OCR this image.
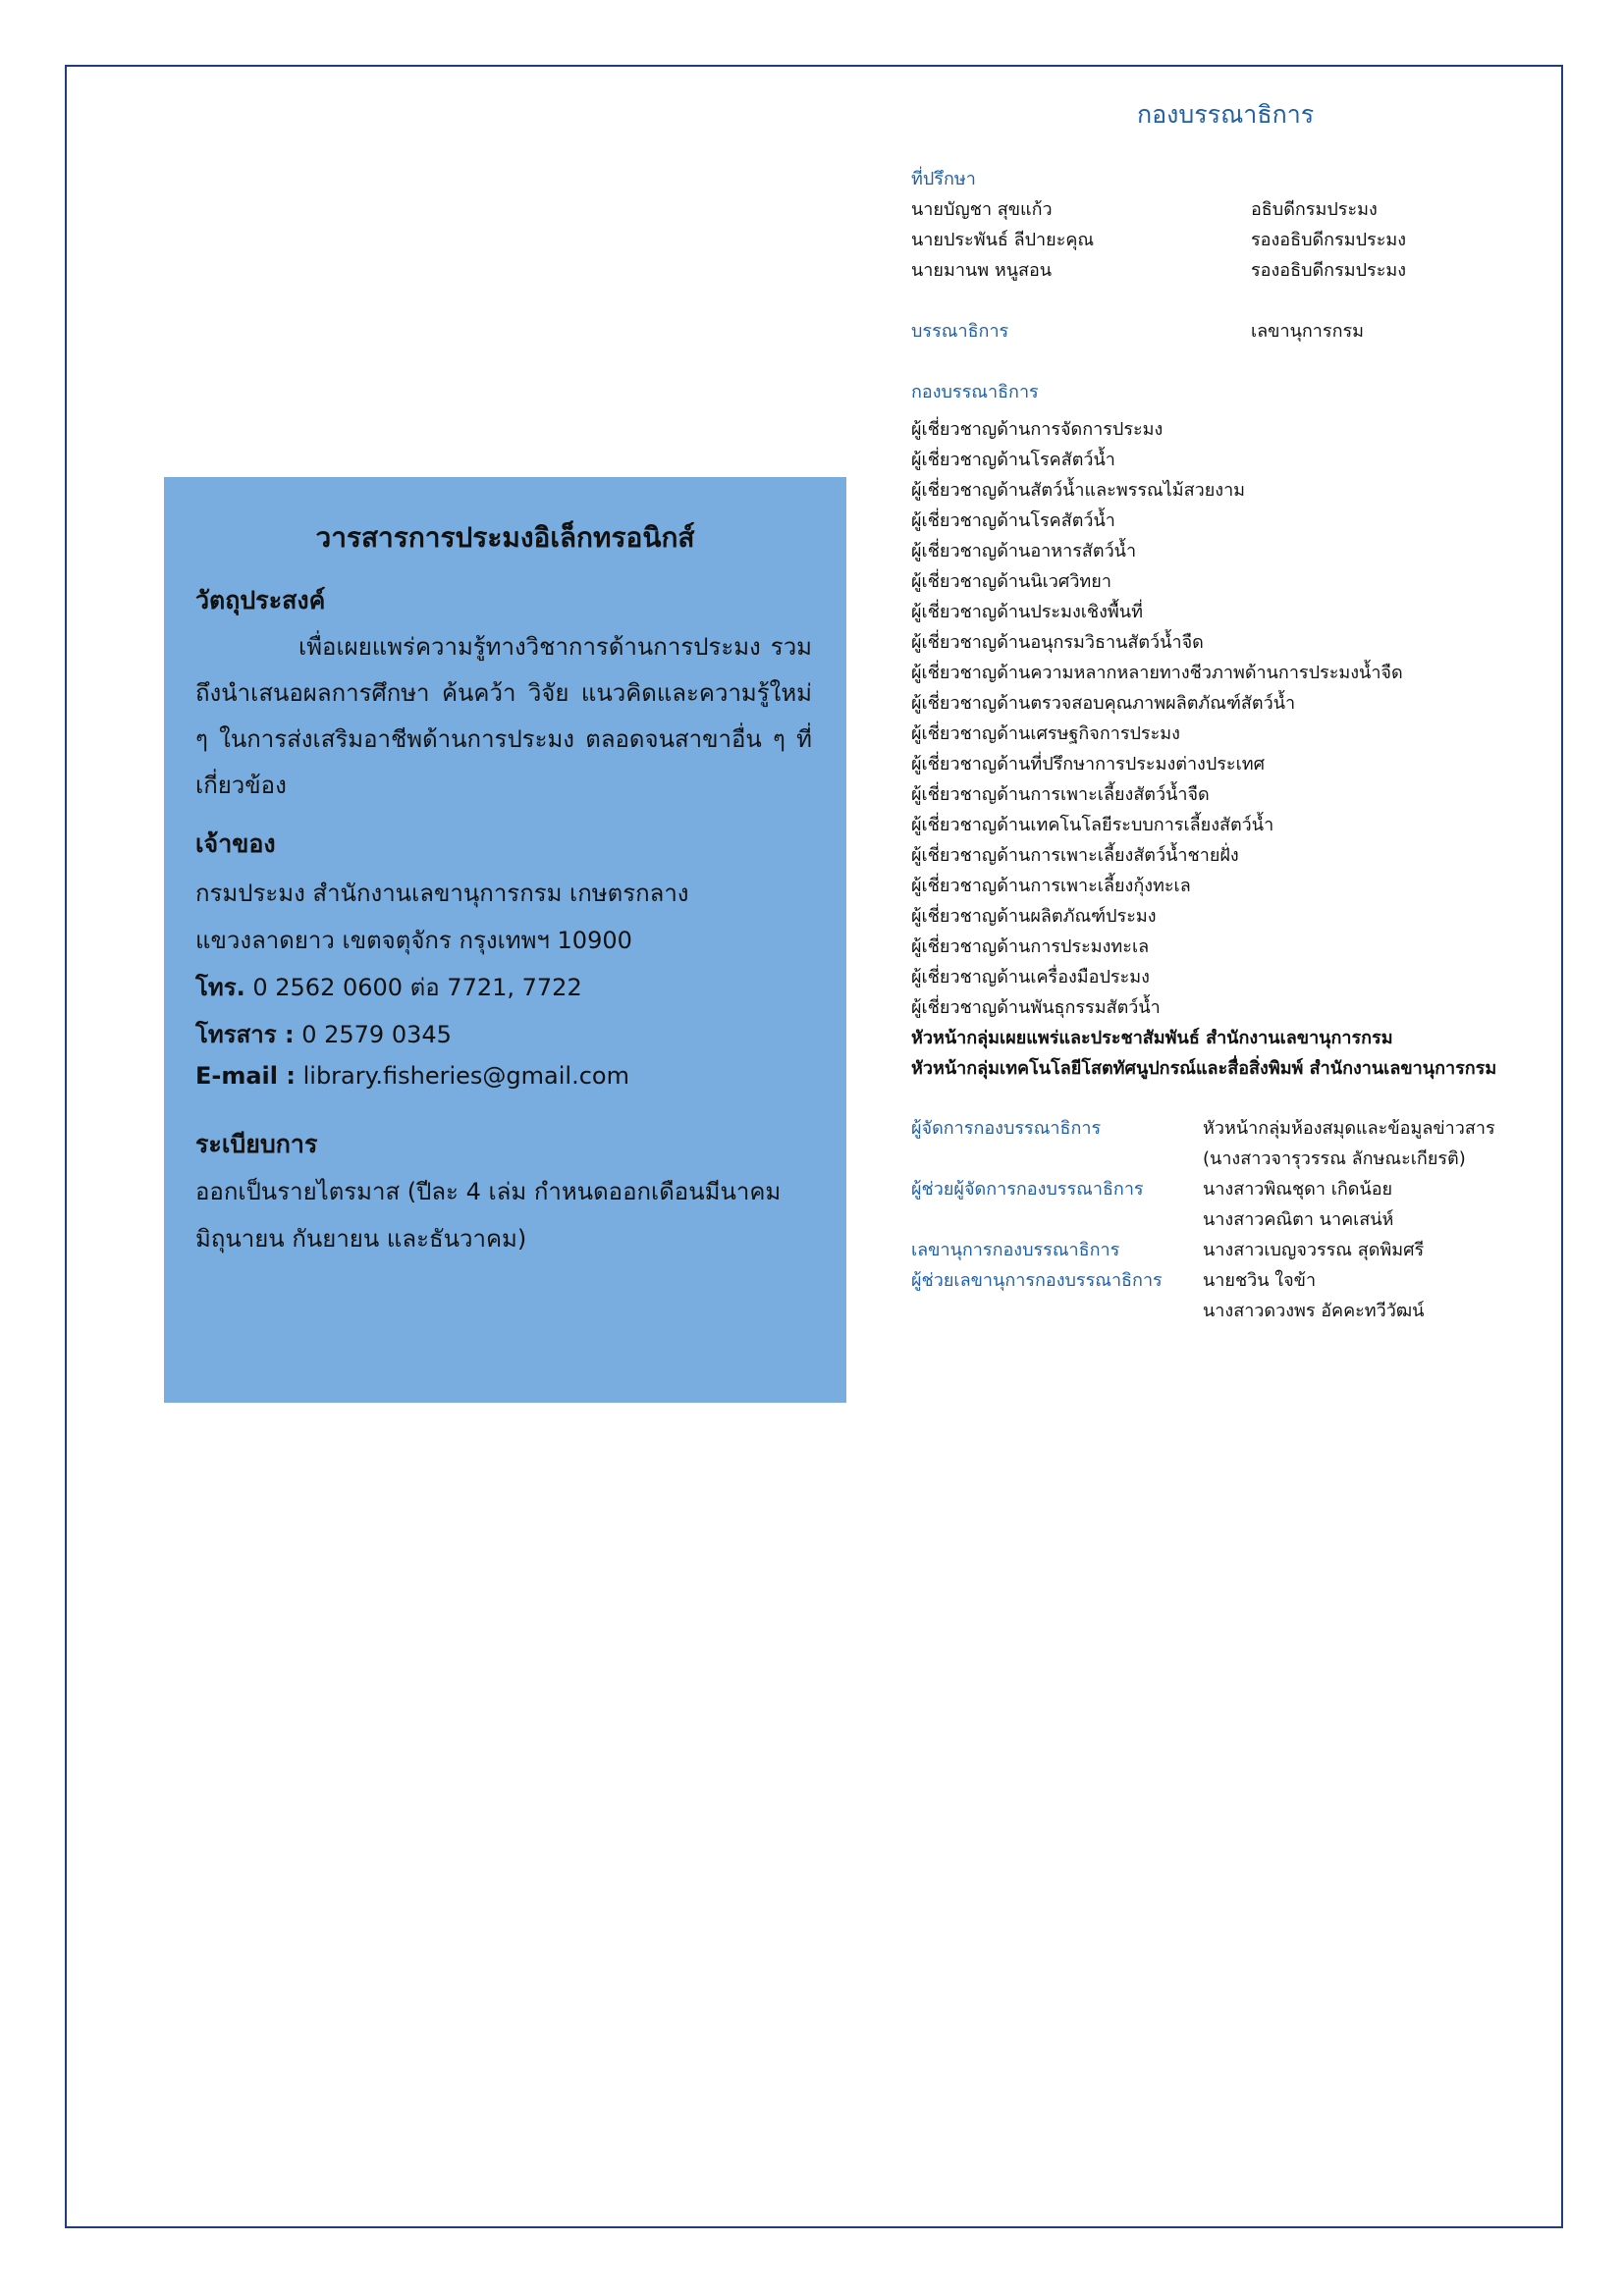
กองบรรณาธิการ
ที่ปรึกษา
นายบัญชา สุขแก้ว	อธิบดีกรมประมง
นายประพันธ์ ลีปายะคุณ	รองอธิบดีกรมประมง
นายมานพ หนูสอน	รองอธิบดีกรมประมง
บรรณาธิการ	เลขานุการกรม
กองบรรณาธิการ
ผู้เชี่ยวชาญด้านการจัดการประมง
ผู้เชี่ยวชาญด้านโรคสัตว์น้ำ
ผู้เชี่ยวชาญด้านสัตว์น้ำและพรรณไม้สวยงาม
ผู้เชี่ยวชาญด้านโรคสัตว์น้ำ
ผู้เชี่ยวชาญด้านอาหารสัตว์น้ำ
ผู้เชี่ยวชาญด้านนิเวศวิทยา
ผู้เชี่ยวชาญด้านประมงเชิงพื้นที่
ผู้เชี่ยวชาญด้านอนุกรมวิธานสัตว์น้ำจืด
ผู้เชี่ยวชาญด้านความหลากหลายทางชีวภาพด้านการประมงน้ำจืด
ผู้เชี่ยวชาญด้านตรวจสอบคุณภาพผลิตภัณฑ์สัตว์น้ำ
ผู้เชี่ยวชาญด้านเศรษฐกิจการประมง
ผู้เชี่ยวชาญด้านที่ปรึกษาการประมงต่างประเทศ
ผู้เชี่ยวชาญด้านการเพาะเลี้ยงสัตว์น้ำจืด
ผู้เชี่ยวชาญด้านเทคโนโลยีระบบการเลี้ยงสัตว์น้ำ
ผู้เชี่ยวชาญด้านการเพาะเลี้ยงสัตว์น้ำชายฝั่ง
ผู้เชี่ยวชาญด้านการเพาะเลี้ยงกุ้งทะเล
ผู้เชี่ยวชาญด้านผลิตภัณฑ์ประมง
ผู้เชี่ยวชาญด้านการประมงทะเล
ผู้เชี่ยวชาญด้านเครื่องมือประมง
ผู้เชี่ยวชาญด้านพันธุกรรมสัตว์น้ำ
หัวหน้ากลุ่มเผยแพร่และประชาสัมพันธ์ สำนักงานเลขานุการกรม
หัวหน้ากลุ่มเทคโนโลยีโสตทัศนูปกรณ์และสื่อสิ่งพิมพ์ สำนักงานเลขานุการกรม
ผู้จัดการกองบรรณาธิการ	หัวหน้ากลุ่มห้องสมุดและข้อมูลข่าวสาร
(นางสาวจารุวรรณ ลักษณะเกียรติ)
ผู้ช่วยผู้จัดการกองบรรณาธิการ	นางสาวพิณชุดา เกิดน้อย
นางสาวคณิตา นาคเสน่ห์
เลขานุการกองบรรณาธิการ	นางสาวเบญจวรรณ สุดพิมศรี
ผู้ช่วยเลขานุการกองบรรณาธิการ นายชวิน ใจข้า
นางสาวดวงพร อัคคะทวีวัฒน์
วารสารการประมงอิเล็กทรอนิกส์
วัตถุประสงค์
เพื่อเผยแพร่ความรู้ทางวิชาการด้านการประมง รวมถึงนำเสนอผลการศึกษา ค้นคว้า วิจัย แนวคิดและความรู้ใหม่ ๆ ในการส่งเสริมอาชีพด้านการประมง ตลอดจนสาขาอื่น ๆ ที่เกี่ยวข้อง
เจ้าของ
กรมประมง สำนักงานเลขานุการกรม เกษตรกลาง
แขวงลาดยาว เขตจตุจักร กรุงเทพฯ 10900
โทร. 0 2562 0600 ต่อ 7721, 7722
โทรสาร : 0 2579 0345
E-mail : library.fisheries@gmail.com
ระเบียบการ
ออกเป็นรายไตรมาส (ปีละ 4 เล่ม กำหนดออกเดือนมีนาคม
มิถุนายน กันยายน และธันวาคม)
